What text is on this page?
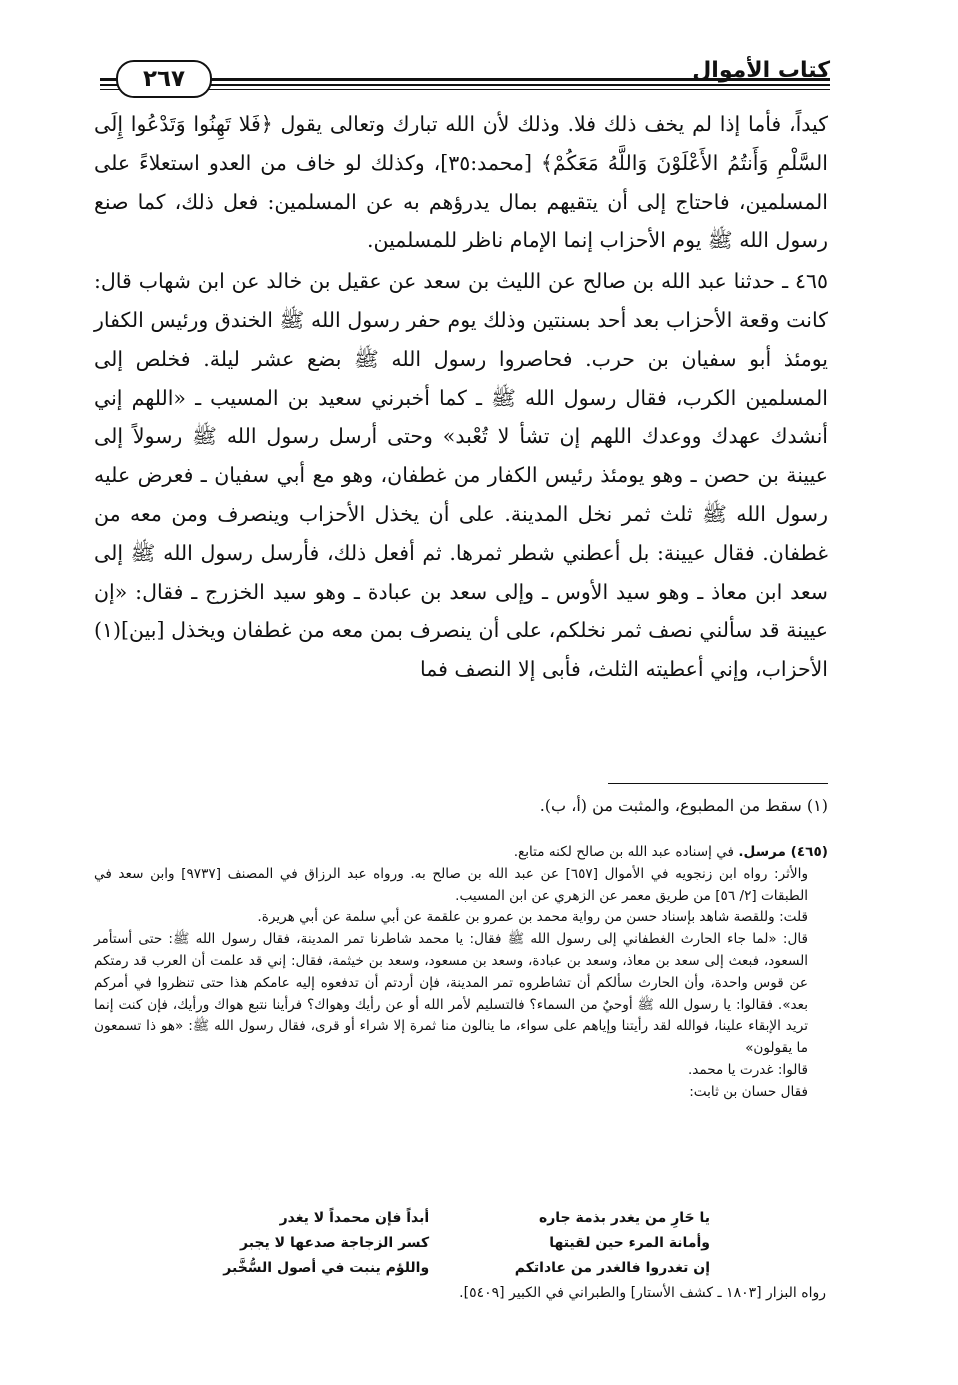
كتاب الأموال
٢٦٧

كيداً، فأما إذا لم يخف ذلك فلا. وذلك لأن الله تبارك وتعالى يقول ﴿فَلا تَهِنُوا وَتَدْعُوا إِلَى السَّلْمِ وَأَنتُمُ الأَعْلَوْنَ وَاللَّهُ مَعَكُمْ﴾ [محمد:٣٥]، وكذلك لو خاف من العدو استعلاءً على المسلمين، فاحتاج إلى أن يتقيهم بمال يدرؤهم به عن المسلمين: فعل ذلك، كما صنع رسول الله ﷺ يوم الأحزاب إنما الإمام ناظر للمسلمين.

٤٦٥ ـ حدثنا عبد الله بن صالح عن الليث بن سعد عن عقيل بن خالد عن ابن شهاب قال: كانت وقعة الأحزاب بعد أحد بسنتين وذلك يوم حفر رسول الله ﷺ الخندق ورئيس الكفار يومئذ أبو سفيان بن حرب. فحاصروا رسول الله ﷺ بضع عشر ليلة. فخلص إلى المسلمين الكرب، فقال رسول الله ﷺ ـ كما أخبرني سعيد بن المسيب ـ «اللهم إني أنشدك عهدك ووعدك اللهم إن تشأ لا تُعْبد» وحتى أرسل رسول الله ﷺ رسولاً إلى عيينة بن حصن ـ وهو يومئذ رئيس الكفار من غطفان، وهو مع أبي سفيان ـ فعرض عليه رسول الله ﷺ ثلث ثمر نخل المدينة. على أن يخذل الأحزاب وينصرف ومن معه من غطفان. فقال عيينة: بل أعطني شطر ثمرها. ثم أفعل ذلك، فأرسل رسول الله ﷺ إلى سعد ابن معاذ ـ وهو سيد الأوس ـ وإلى سعد بن عبادة ـ وهو سيد الخزرج ـ فقال: «إن عيينة قد سألني نصف ثمر نخلكم، على أن ينصرف بمن معه من غطفان ويخذل [بين](١) الأحزاب، وإني أعطيته الثلث، فأبى إلا النصف فما

(١) سقط من المطبوع، والمثبت من (أ، ب).

(٤٦٥) مرسل. في إسناده عبد الله بن صالح لكنه متابع.

والأثر: رواه ابن زنجويه في الأموال [٦٥٧] عن عبد الله بن صالح به. ورواه عبد الرزاق في المصنف [٩٧٣٧] وابن سعد في الطبقات [٢/ ٥٦] من طريق معمر عن الزهري عن ابن المسيب.

قلت: وللقصة شاهد بإسناد حسن من رواية محمد بن عمرو بن علقمة عن أبي سلمة عن أبي هريرة.

قال: «لما جاء الحارث الغطفاني إلى رسول الله ﷺ فقال: يا محمد شاطرنا تمر المدينة، فقال رسول الله ﷺ: حتى أستأمر السعود، فبعث إلى سعد بن معاذ، وسعد بن عبادة، وسعد بن مسعود، وسعد بن خيثمة، فقال: إني قد علمت أن العرب قد رمتكم عن قوس واحدة، وأن الحارث سألكم أن تشاطروه تمر المدينة، فإن أردتم أن تدفعوه إليه عامكم هذا حتى تنظروا في أمركم بعد». فقالوا: يا رسول الله ﷺ أوحيٌ من السماء؟ فالتسليم لأمر الله أو عن رأيك وهواك؟ فرأينا نتبع هواك ورأيك، فإن كنت إنما تريد الإبقاء علينا، فوالله لقد رأيتنا وإياهم على سواء، ما ينالون منا ثمرة إلا شراء أو قرى، فقال رسول الله ﷺ: «هو ذا تسمعون ما يقولون»

قالوا: غدرت يا محمد.

فقال حسان بن ثابت:

يا حَارِ من يغدر بذمة جاره
أبداً فإن محمداً لا يغدر
وأمانة المرء حين لقيتها
كسر الزجاجة صدعها لا يجبر
إن تغدروا فالغدر من عاداتكم
واللؤم ينبت في أصول السُّخَّبر
رواه البزار [١٨٠٣ ـ كشف الأستار] والطبراني في الكبير [٥٤٠٩].
